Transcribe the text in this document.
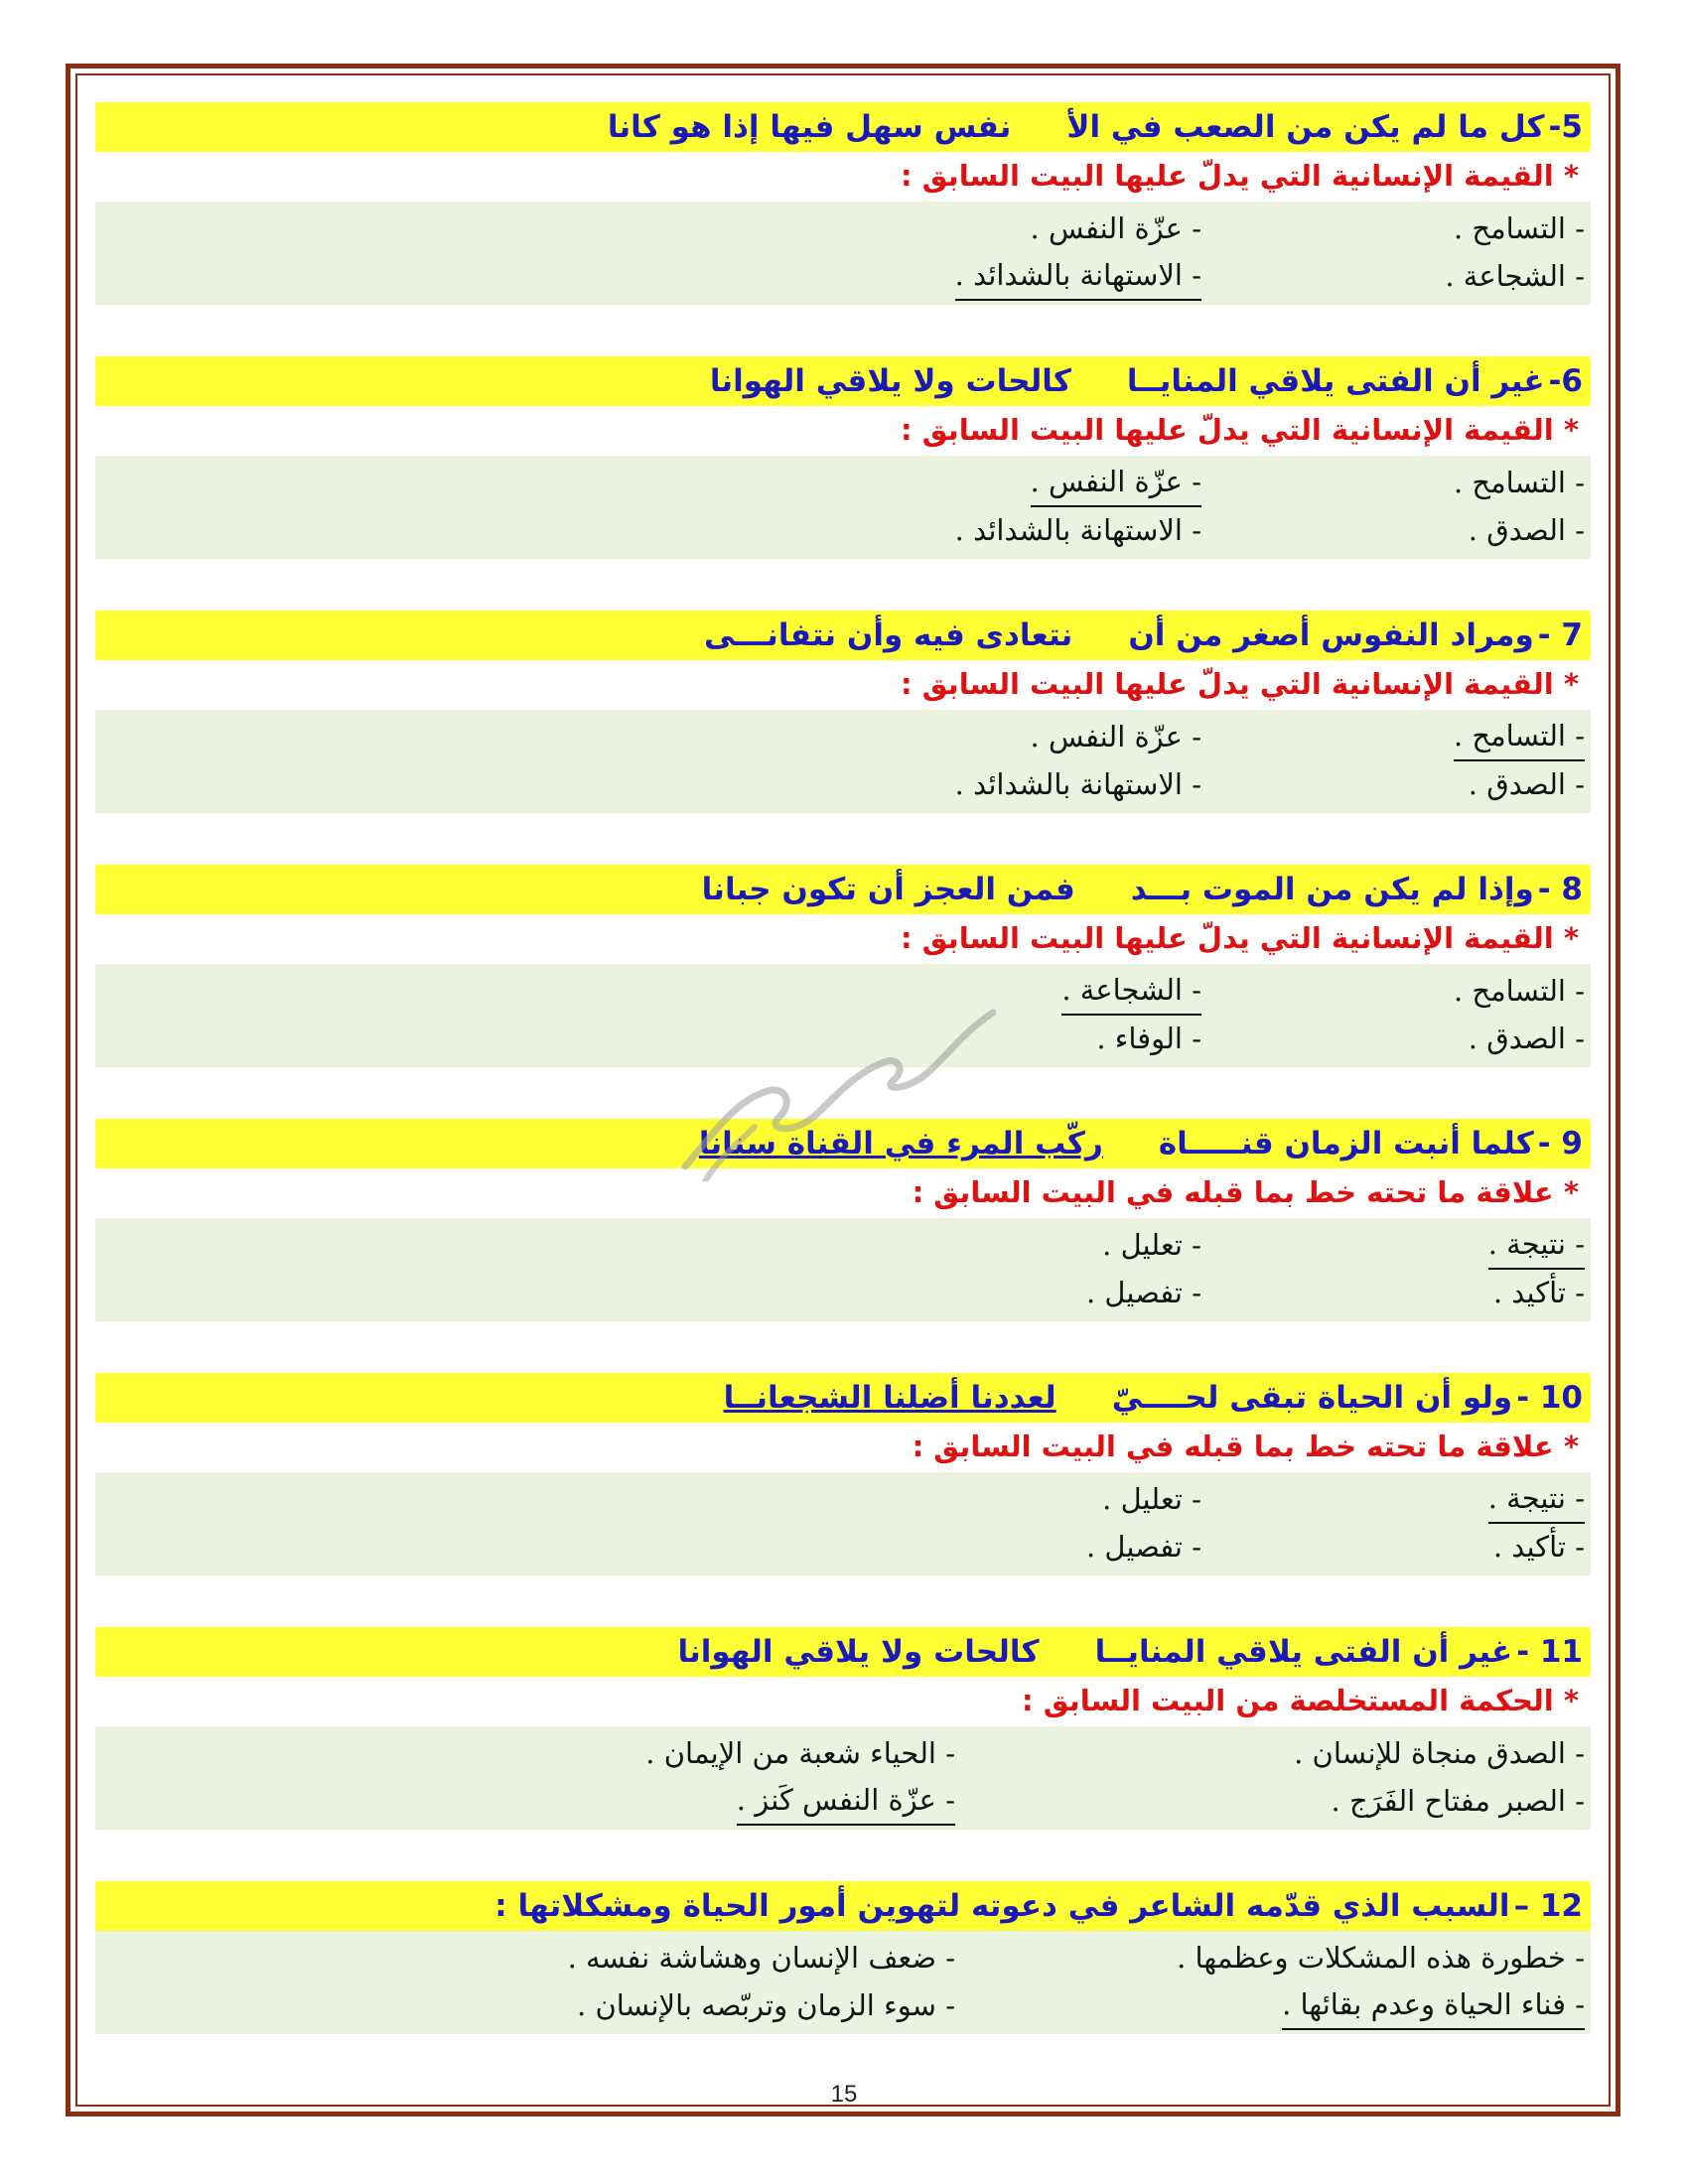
5-كل ما لم يكن من الصعب في الأنفس سهل فيها إذا هو كانا
* القيمة الإنسانية التي يدلّ عليها البيت السابق :
- التسامح .
- عزّة النفس .
- الشجاعة .
- الاستهانة بالشدائد .
6-غير أن الفتى يلاقي المنايــاكالحات ولا يلاقي الهوانا
* القيمة الإنسانية التي يدلّ عليها البيت السابق :
- التسامح .
- عزّة النفس .
- الصدق .
- الاستهانة بالشدائد .
7 -ومراد النفوس أصغر من أننتعادى فيه وأن نتفانـــى
* القيمة الإنسانية التي يدلّ عليها البيت السابق :
- التسامح .
- عزّة النفس .
- الصدق .
- الاستهانة بالشدائد .
8 -وإذا لم يكن من الموت بـــدفمن العجز أن تكون جبانا
* القيمة الإنسانية التي يدلّ عليها البيت السابق :
- التسامح .
- الشجاعة .
- الصدق .
- الوفاء .
9 -كلما أنبت الزمان قنـــــاةركّب المرء في القناة سنانا
* علاقة ما تحته خط بما قبله في البيت السابق :
- نتيجة .
- تعليل .
- تأكيد .
- تفصيل .
10 -ولو أن الحياة تبقى لحــــيّلعددنا أضلنا الشجعانــا
* علاقة ما تحته خط بما قبله في البيت السابق :
- نتيجة .
- تعليل .
- تأكيد .
- تفصيل .
11 -غير أن الفتى يلاقي المنايــاكالحات ولا يلاقي الهوانا
* الحكمة المستخلصة من البيت السابق :
- الصدق منجاة للإنسان .
- الحياء شعبة من الإيمان .
- الصبر مفتاح الفَرَج .
- عزّة النفس كَنز .
12 –السبب الذي قدّمه الشاعر في دعوته لتهوين أمور الحياة ومشكلاتها :
- خطورة هذه المشكلات وعظمها .
- ضعف الإنسان وهشاشة نفسه .
- فناء الحياة وعدم بقائها .
- سوء الزمان وتربّصه بالإنسان .
15
